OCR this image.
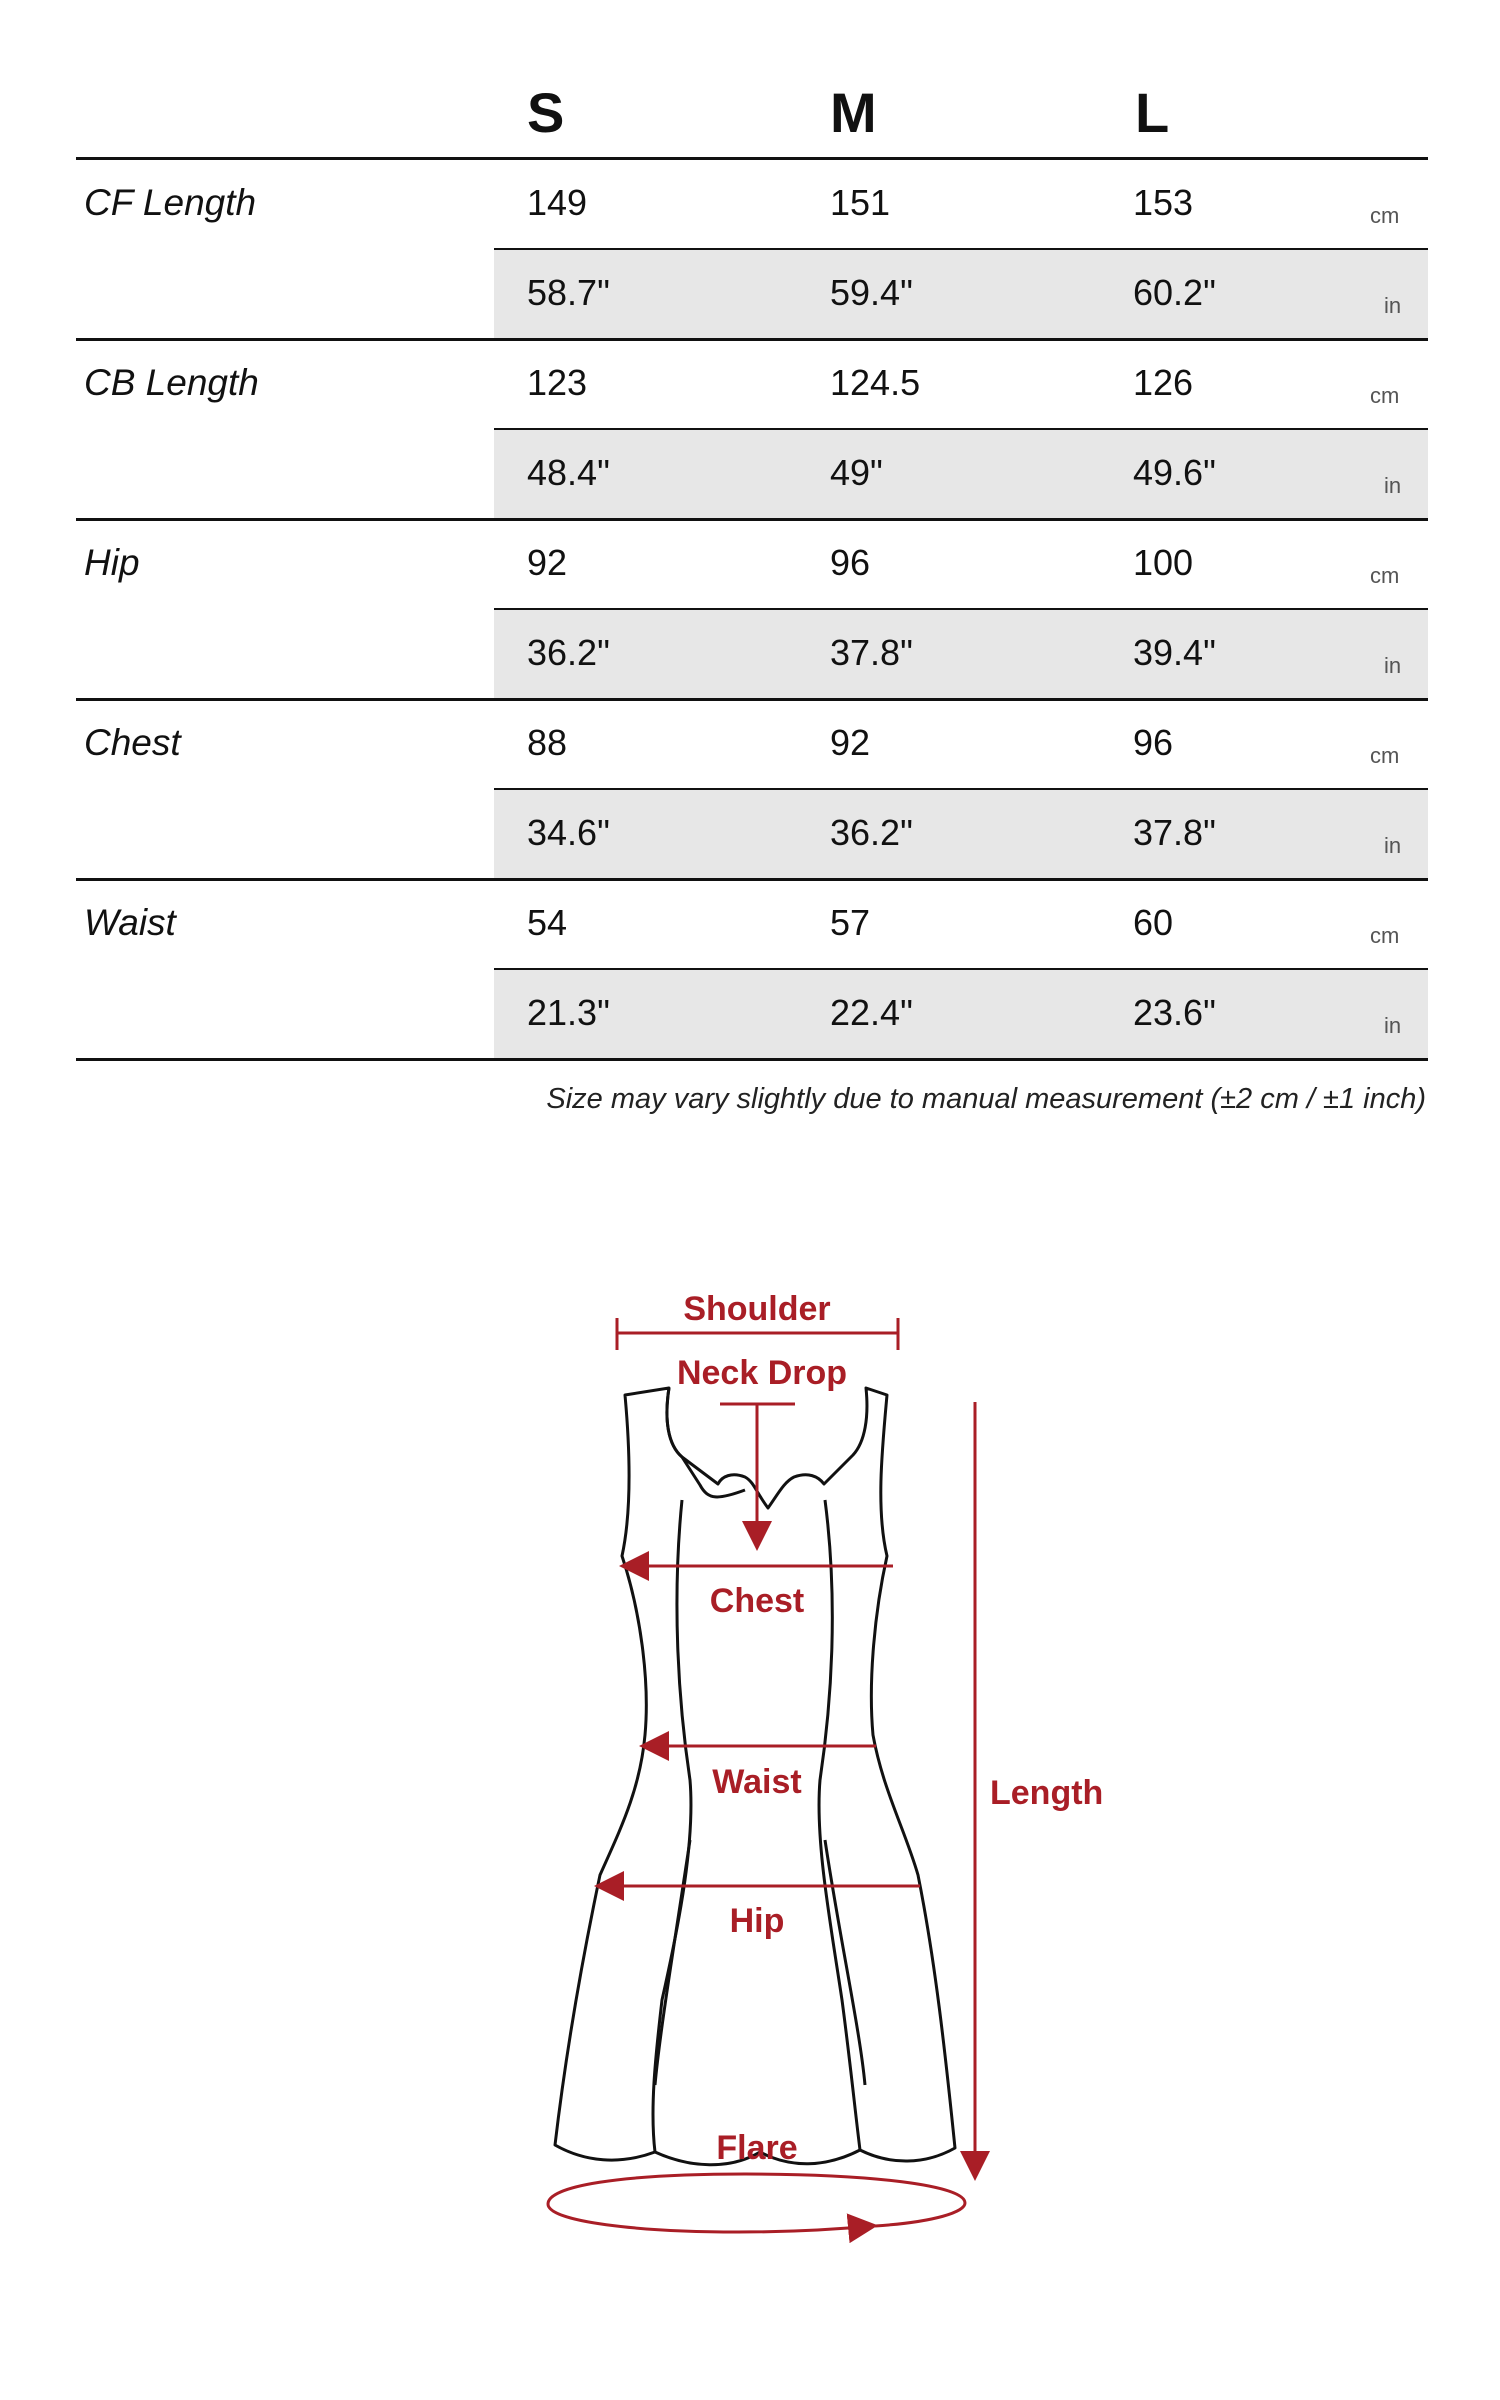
S	M	L
CF Length	149	151	153	cm
58.7"	59.4"	60.2"	in
CB Length	123	124.5	126	cm
48.4"	49"	49.6"	in
Hip	92	96	100	cm
36.2"	37.8"	39.4"	in
Chest	88	92	96	cm
34.6"	36.2"	37.8"	in
Waist	54	57	60	cm
21.3"	22.4"	23.6"	in
Size may vary slightly due to manual measurement (±2 cm / ±1 inch)
Shoulder
Neck Drop
Chest
Waist
Hip
Length
Flare
